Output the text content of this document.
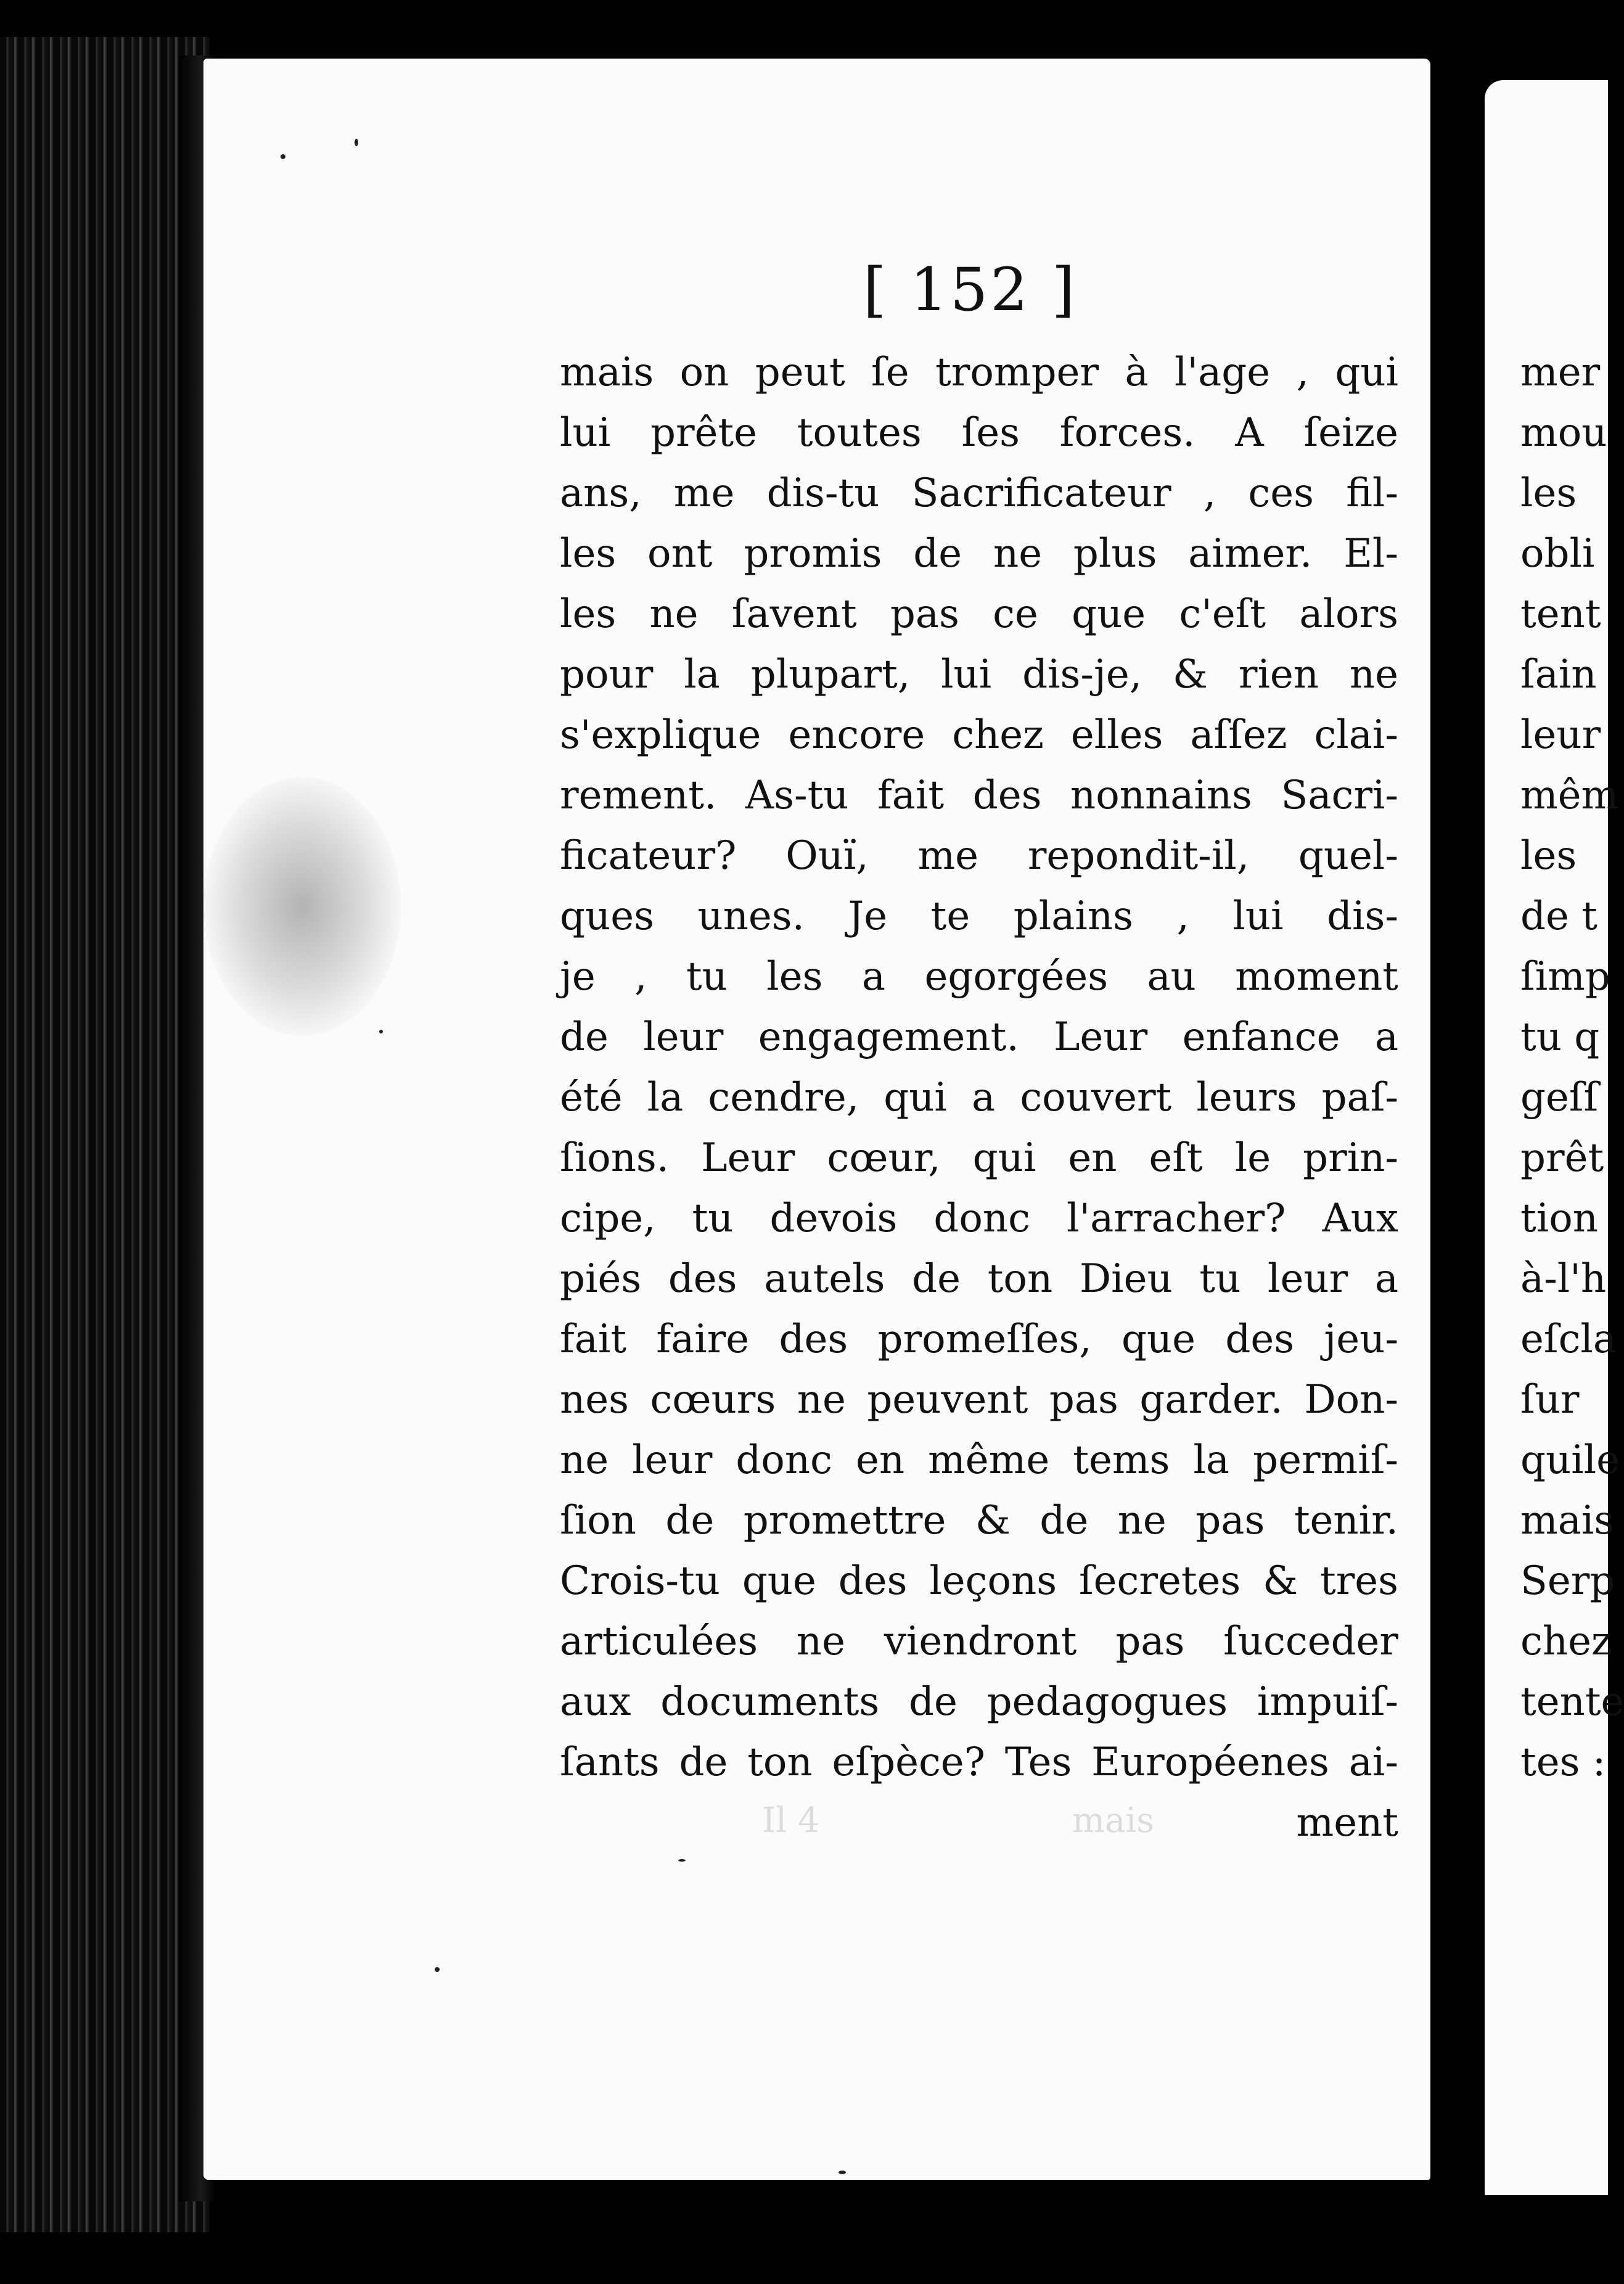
[ 152 ]
mais on peut ſe tromper à l'age , qui
lui prête toutes ſes forces. A ſeize
ans, me dis-tu Sacrificateur , ces fil-
les ont promis de ne plus aimer. El-
les ne ſavent pas ce que c'eſt alors
pour la plupart, lui dis-je, & rien ne
s'explique encore chez elles aſſez clai-
rement. As-tu fait des nonnains Sacri-
ficateur? Ouï, me repondit-il, quel-
ques unes. Je te plains , lui dis-
je , tu les a egorgées au moment
de leur engagement. Leur enfance a
été la cendre, qui a couvert leurs paſ-
ſions. Leur cœur, qui en eſt le prin-
cipe, tu devois donc l'arracher? Aux
piés des autels de ton Dieu tu leur a
fait faire des promeſſes, que des jeu-
nes cœurs ne peuvent pas garder. Don-
ne leur donc en même tems la permiſ-
ſion de promettre & de ne pas tenir.
Crois-tu que des leçons ſecretes & tres
articulées ne viendront pas ſucceder
aux documents de pedagogues impuiſ-
ſants de ton eſpèce? Tes Européenes ai-
ment
Il 4                       mais
mer
mou
les
obli
tent
ſain
leur
mêm
les
de t
ſimp
tu q
geſſ
prêt
tion
à-l'h
eſcla
ſur
quile
mais
Serp
chez
tente
tes :
